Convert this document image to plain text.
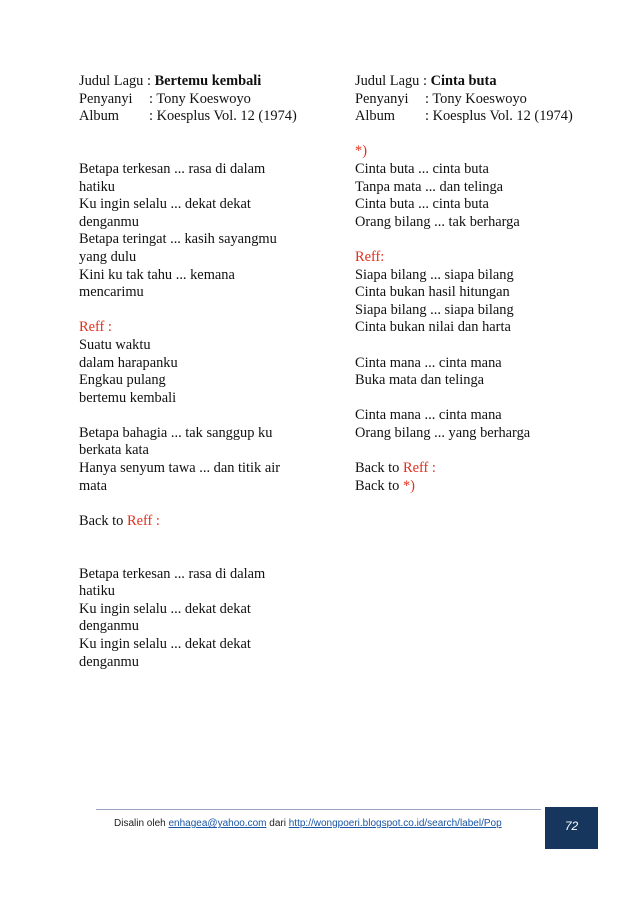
Judul Lagu : Bertemu kembali
Penyanyi : Tony Koeswoyo
Album : Koesplus Vol. 12 (1974)
Betapa terkesan ... rasa di dalam
hatiku
Ku ingin selalu ... dekat dekat
denganmu
Betapa teringat ... kasih sayangmu
yang dulu
Kini ku tak tahu ... kemana
mencarimu
Reff :
Suatu waktu
dalam harapanku
Engkau pulang
bertemu kembali
Betapa bahagia ... tak sanggup ku
berkata kata
Hanya senyum tawa ... dan titik air
mata
Back to Reff :
Betapa terkesan ... rasa di dalam
hatiku
Ku ingin selalu ... dekat dekat
denganmu
Ku ingin selalu ... dekat dekat
denganmu
Judul Lagu : Cinta buta
Penyanyi : Tony Koeswoyo
Album : Koesplus Vol. 12 (1974)
*)
Cinta buta ... cinta buta
Tanpa mata ... dan telinga
Cinta buta ... cinta buta
Orang bilang ... tak berharga
Reff:
Siapa bilang ... siapa bilang
Cinta bukan hasil hitungan
Siapa bilang ... siapa bilang
Cinta bukan nilai dan harta
Cinta mana ... cinta mana
Buka mata dan telinga
Cinta mana ... cinta mana
Orang bilang ... yang berharga
Back to Reff :
Back to *)
Disalin oleh enhagea@yahoo.com dari http://wongpoeri.blogspot.co.id/search/label/Pop	72
